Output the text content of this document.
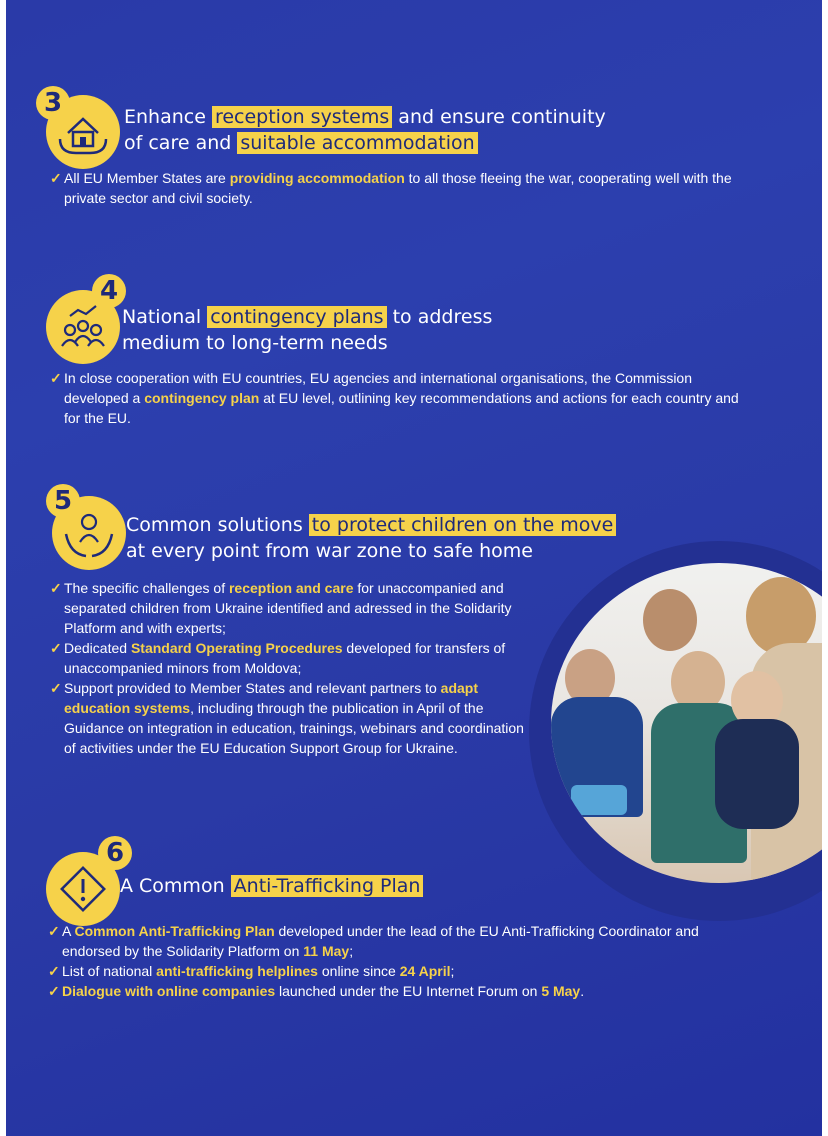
3	Enhance reception systems and ensure continuity
of care and suitable accommodation

✓ All EU Member States are providing accommodation to all those fleeing the war, cooperating well with the private sector and civil society.
4

National contingency plans to address
medium to long-term needs

✓ In close cooperation with EU countries, EU agencies and international organisations, the Commission developed a contingency plan at EU level, outlining key recommendations and actions for each country and for the EU.
5

Common solutions to protect children on the move
at every point from war zone to safe home

✓ The specific challenges of reception and care for unaccompanied and separated children from Ukraine identified and adressed in the Solidarity Platform and with experts;
✓ Dedicated Standard Operating Procedures developed for transfers of unaccompanied minors from Moldova;
✓ Support provided to Member States and relevant partners to adapt education systems, including through the publication in April of the Guidance on integration in education, trainings, webinars and coordination of activities under the EU Education Support Group for Ukraine.
6

A Common Anti-Trafficking Plan

✓ A Common Anti-Trafficking Plan developed under the lead of the EU Anti-Trafficking Coordinator and endorsed by the Solidarity Platform on 11 May;
✓ List of national anti-trafficking helplines online since 24 April;
✓ Dialogue with online companies launched under the EU Internet Forum on 5 May.
